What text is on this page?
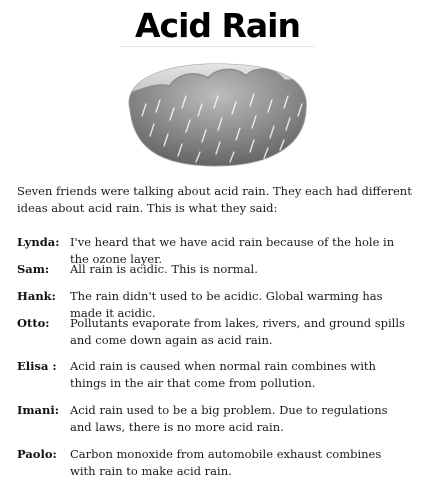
Acid Rain
Seven friends were talking about acid rain. They each had different ideas about acid rain. This is what they said:
Lynda: I've heard that we have acid rain because of the hole in the ozone layer.
Sam:	All rain is acidic. This is normal.
Hank:	The rain didn't used to be acidic. Global warming has made it acidic.
Otto:	Pollutants evaporate from lakes, rivers, and ground spills and come down again as acid rain.
Elisa :	Acid rain is caused when normal rain combines with things in the air that come from pollution.
Imani: Acid rain used to be a big problem. Due to regulations and laws, there is no more acid rain.
Paolo:	Carbon monoxide from automobile exhaust combines with rain to make acid rain.
